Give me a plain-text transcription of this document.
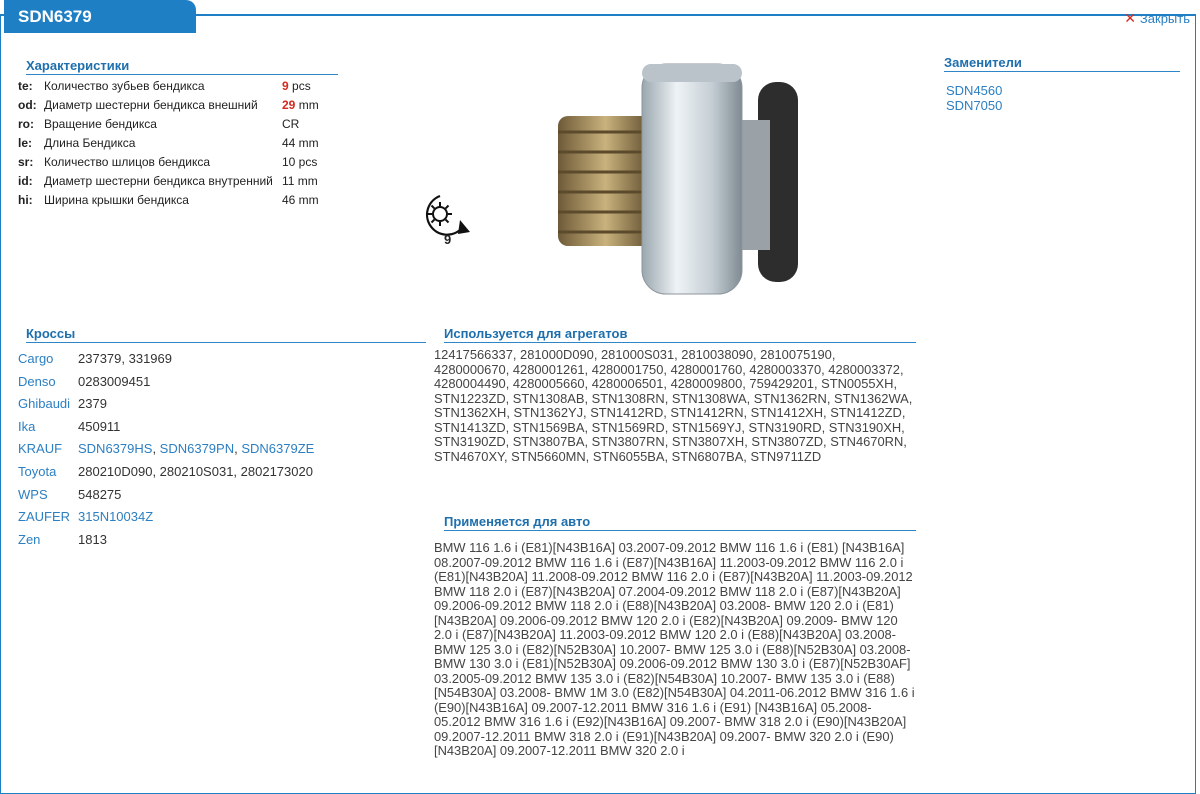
SDN6379	✕ Закрыть
Характеристики
te: Количество зубьев бендикса	9 pcs
od: Диаметр шестерни бендикса внешний	29 mm
ro: Вращение бендикса	CR
le: Длина Бендикса	44 mm
sr: Количество шлицов бендикса	10 pcs
id: Диаметр шестерни бендикса внутренний 11 mm
hi: Ширина крышки бендикса	46 mm
9
Заменители
SDN4560
SDN7050
Кроссы
Cargo	237379, 331969
Denso	0283009451
Ghibaudi 2379
Ika	450911
KRAUF	SDN6379HS, SDN6379PN, SDN6379ZE
Toyota	280210D090, 280210S031, 2802173020
WPS	548275
ZAUFER 315N10034Z
Zen	1813
Используется для агрегатов
12417566337, 281000D090, 281000S031, 2810038090, 2810075190, 4280000670, 4280001261, 4280001750, 4280001760, 4280003370, 4280003372, 4280004490, 4280005660, 4280006501, 4280009800, 759429201, STN0055XH, STN1223ZD, STN1308AB, STN1308RN, STN1308WA, STN1362RN, STN1362WA, STN1362XH, STN1362YJ, STN1412RD, STN1412RN, STN1412XH, STN1412ZD, STN1413ZD, STN1569BA, STN1569RD, STN1569YJ, STN3190RD, STN3190XH, STN3190ZD, STN3807BA, STN3807RN, STN3807XH, STN3807ZD, STN4670RN, STN4670XY, STN5660MN, STN6055BA, STN6807BA, STN9711ZD
Применяется для авто
BMW 116 1.6 i (E81)[N43B16A] 03.2007-09.2012 BMW 116 1.6 i (E81) [N43B16A] 08.2007-09.2012 BMW 116 1.6 i (E87)[N43B16A] 11.2003-09.2012 BMW 116 2.0 i (E81)[N43B20A] 11.2008-09.2012 BMW 116 2.0 i (E87)[N43B20A] 11.2003-09.2012 BMW 118 2.0 i (E87)[N43B20A] 07.2004-09.2012 BMW 118 2.0 i (E87)[N43B20A] 09.2006-09.2012 BMW 118 2.0 i (E88)[N43B20A] 03.2008- BMW 120 2.0 i (E81)[N43B20A] 09.2006-09.2012 BMW 120 2.0 i (E82)[N43B20A] 09.2009- BMW 120 2.0 i (E87)[N43B20A] 11.2003-09.2012 BMW 120 2.0 i (E88)[N43B20A] 03.2008- BMW 125 3.0 i (E82)[N52B30A] 10.2007- BMW 125 3.0 i (E88)[N52B30A] 03.2008- BMW 130 3.0 i (E81)[N52B30A] 09.2006-09.2012 BMW 130 3.0 i (E87)[N52B30AF] 03.2005-09.2012 BMW 135 3.0 i (E82)[N54B30A] 10.2007- BMW 135 3.0 i (E88)[N54B30A] 03.2008- BMW 1M 3.0 (E82)[N54B30A] 04.2011-06.2012 BMW 316 1.6 i (E90)[N43B16A] 09.2007-12.2011 BMW 316 1.6 i (E91) [N43B16A] 05.2008-05.2012 BMW 316 1.6 i (E92)[N43B16A] 09.2007- BMW 318 2.0 i (E90)[N43B20A] 09.2007-12.2011 BMW 318 2.0 i (E91)[N43B20A] 09.2007- BMW 320 2.0 i (E90)[N43B20A] 09.2007-12.2011 BMW 320 2.0 i
